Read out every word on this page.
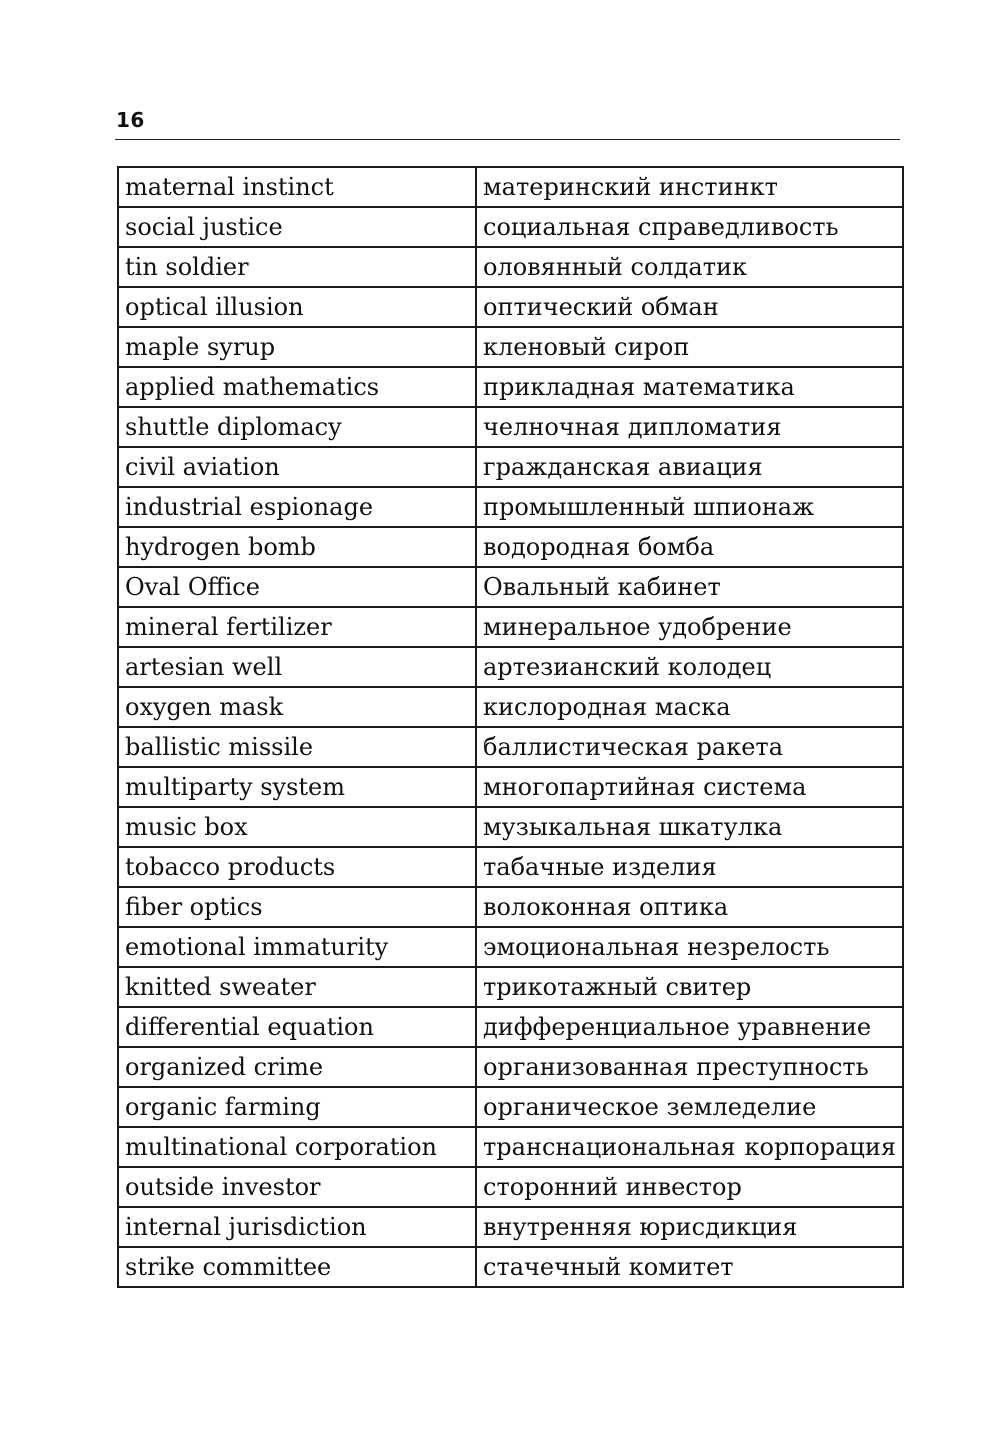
16
maternal instinct	материнский инстинкт
social justice	социальная справедливость
tin soldier	оловянный солдатик
optical illusion	оптический обман
maple syrup	кленовый сироп
applied mathematics	прикладная математика
shuttle diplomacy	челночная дипломатия
civil aviation	гражданская авиация
industrial espionage	промышленный шпионаж
hydrogen bomb	водородная бомба
Oval Office	Овальный кабинет
mineral fertilizer	минеральное удобрение
artesian well	артезианский колодец
oxygen mask	кислородная маска
ballistic missile	баллистическая ракета
multiparty system	многопартийная система
music box	музыкальная шкатулка
tobacco products	табачные изделия
fiber optics	волоконная оптика
emotional immaturity	эмоциональная незрелость
knitted sweater	трикотажный свитер
differential equation	дифференциальное уравнение
organized crime	организованная преступность
organic farming	органическое земледелие
multinational corporation	транснациональная корпорация
outside investor	сторонний инвестор
internal jurisdiction	внутренняя юрисдикция
strike committee	стачечный комитет
